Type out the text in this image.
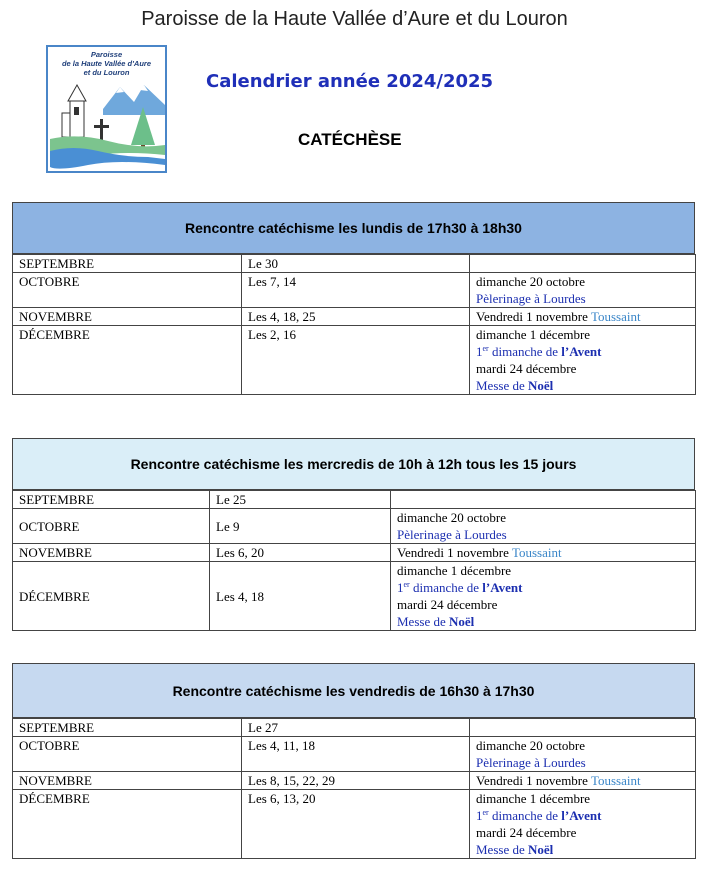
Paroisse de la Haute Vallée d’Aure et du Louron
Paroisse
de la Haute Vallée d'Aure
et du Louron	Calendrier année 2024/2025
CATÉCHÈSE
Rencontre catéchisme les lundis de 17h30 à 18h30
SEPTEMBRE	Le 30	
OCTOBRE	Les 7, 14	dimanche 20 octobre
Pèlerinage à Lourdes

NOVEMBRE	Les 4, 18, 25	Vendredi 1 novembre Toussaint
DÉCEMBRE	Les 2, 16	dimanche 1 décembre
1er dimanche de l’Avent
mardi 24 décembre
Messe de Noël
Rencontre catéchisme les mercredis de 10h à 12h tous les 15 jours
SEPTEMBRE	Le 25	
OCTOBRE	Le 9	dimanche 20 octobre
Pèlerinage à Lourdes

NOVEMBRE	Les 6, 20	Vendredi 1 novembre Toussaint
DÉCEMBRE	Les 4, 18	dimanche 1 décembre
1er dimanche de l’Avent
mardi 24 décembre
Messe de Noël
Rencontre catéchisme les vendredis de 16h30 à 17h30
SEPTEMBRE	Le 27	
OCTOBRE	Les 4, 11, 18	dimanche 20 octobre
Pèlerinage à Lourdes

NOVEMBRE	Les 8, 15, 22, 29	Vendredi 1 novembre Toussaint
DÉCEMBRE	Les 6, 13, 20	dimanche 1 décembre
1er dimanche de l’Avent
mardi 24 décembre
Messe de Noël
